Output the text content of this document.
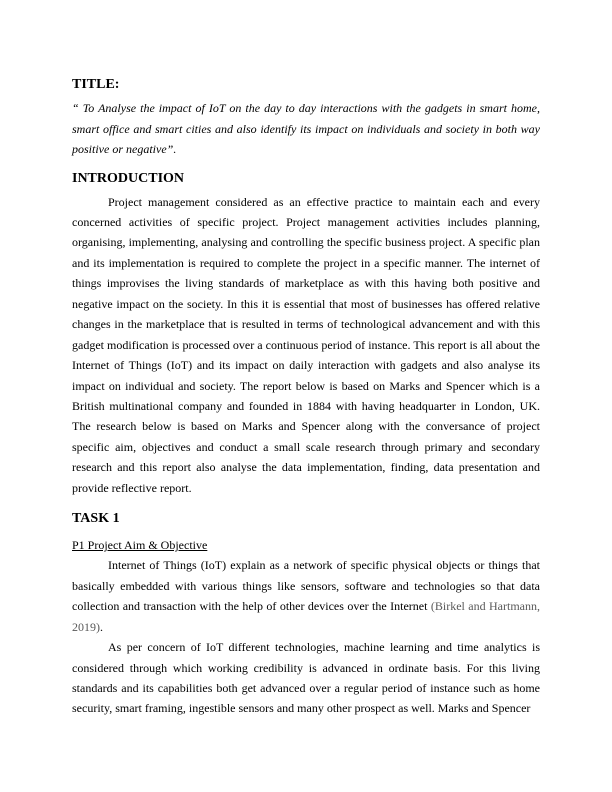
TITLE:

“ To Analyse the impact of IoT on the day to day interactions with the gadgets in smart home, smart office and smart cities and also identify its impact on individuals and society in both way positive or negative”.

INTRODUCTION

Project management considered as an effective practice to maintain each and every concerned activities of specific project. Project management activities includes planning, organising, implementing, analysing and controlling the specific business project. A specific plan and its implementation is required to complete the project in a specific manner. The internet of things improvises the living standards of marketplace as with this having both positive and negative impact on the society. In this it is essential that most of businesses has offered relative changes in the marketplace that is resulted in terms of technological advancement and with this gadget modification is processed over a continuous period of instance. This report is all about the Internet of Things (IoT) and its impact on daily interaction with gadgets and also analyse its impact on individual and society. The report below is based on Marks and Spencer which is a British multinational company and founded in 1884 with having headquarter in London, UK. The research below is based on Marks and Spencer along with the conversance of project specific aim, objectives and conduct a small scale research through primary and secondary research and this report also analyse the data implementation, finding, data presentation and provide reflective report.

TASK 1

P1 Project Aim & Objective

Internet of Things (IoT) explain as a network of specific physical objects or things that basically embedded with various things like sensors, software and technologies so that data collection and transaction with the help of other devices over the Internet (Birkel and Hartmann, 2019).

As per concern of IoT different technologies, machine learning and time analytics is considered through which working credibility is advanced in ordinate basis. For this living standards and its capabilities both get advanced over a regular period of instance such as home security, smart framing, ingestible sensors and many other prospect as well. Marks and Spencer
